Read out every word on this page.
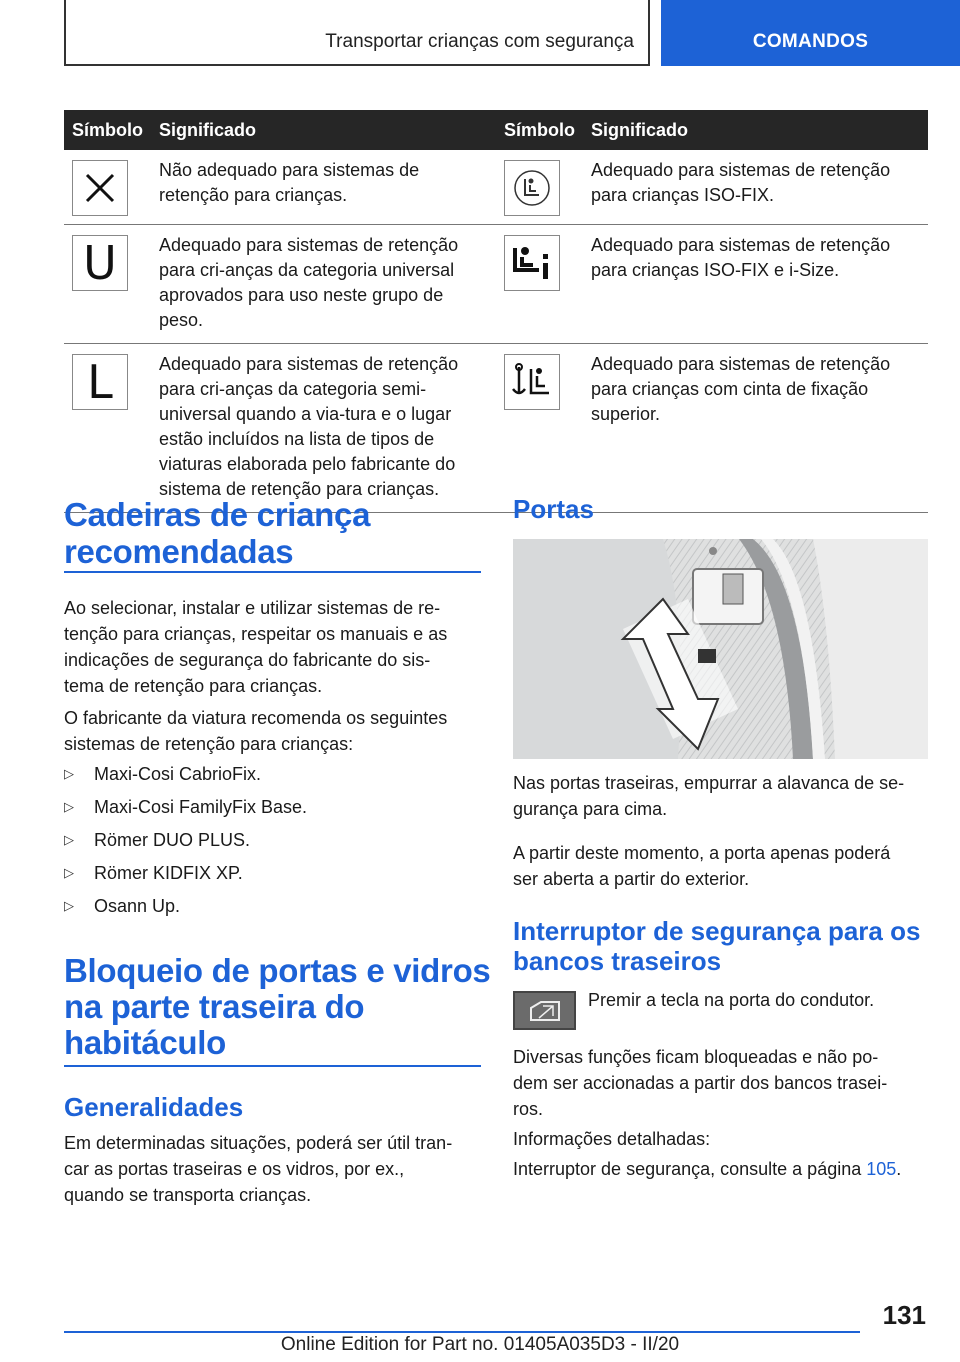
Transportar crianças com segurança	COMANDOS
Símbolo	Significado	Símbolo	Significado

	Não adequado para sistemas de retenção para crianças.		Adequado para sistemas de retenção para crianças ISO-FIX.

U	Adequado para sistemas de retenção para cri-anças da categoria universal aprovados para uso neste grupo de peso.		Adequado para sistemas de retenção para crianças ISO-FIX e i-Size.

L	Adequado para sistemas de retenção para cri-anças da categoria semi-universal quando a via-tura e o lugar estão incluídos na lista de tipos de viaturas elaborada pelo fabricante do sistema de retenção para crianças.		Adequado para sistemas de retenção para crianças com cinta de fixação superior.
Cadeiras de criança
recomendadas
Ao selecionar, instalar e utilizar sistemas de re-
tenção para crianças, respeitar os manuais e as
indicações de segurança do fabricante do sis-
tema de retenção para crianças.
O fabricante da viatura recomenda os seguintes
sistemas de retenção para crianças:
▷ Maxi-Cosi CabrioFix.
▷ Maxi-Cosi FamilyFix Base.
▷ Römer DUO PLUS.
▷ Römer KIDFIX XP.
▷ Osann Up.
Bloqueio de portas e vidros
na parte traseira do
habitáculo
Generalidades
Em determinadas situações, poderá ser útil tran-
car as portas traseiras e os vidros, por ex.,
quando se transporta crianças.
Portas
Nas portas traseiras, empurrar a alavanca de se-
gurança para cima.
A partir deste momento, a porta apenas poderá
ser aberta a partir do exterior.
Interruptor de segurança para os
bancos traseiros
Premir a tecla na porta do condutor.
Diversas funções ficam bloqueadas e não po-
dem ser accionadas a partir dos bancos trasei-
ros.
Informações detalhadas:
Interruptor de segurança, consulte a página 105.
131
Online Edition for Part no. 01405A035D3 - II/20
